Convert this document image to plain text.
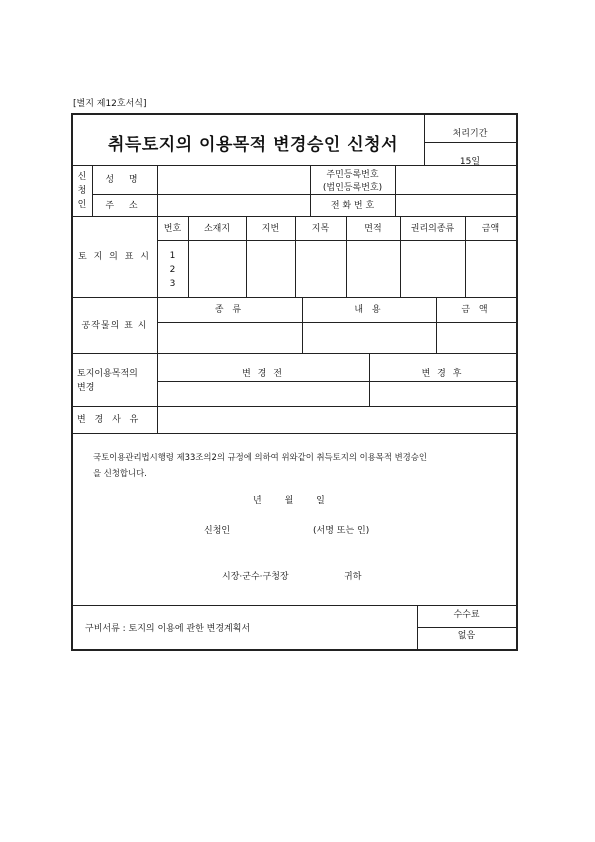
[별지 제12호서식]
취득토지의 이용목적 변경승인 신청서
처리기간
15일
신
청
인
성 명	주민등록번호
(법인등록번호)
주 소	전 화 번 호
토 지 의 표 시
번호	소재지	지번	지목	면적	권리의종류	금액
1
2
3
공작물의 표 시
종 류	내 용	금 액
토지이용목적의
변경
변 경 전	변 경 후
변 경 사 유
국토이용관리법시행령 제33조의2의 규정에 의하여 위와같이 취득토지의 이용목적 변경승인
을 신청합니다.
년        월        일
신청인	(서명 또는 인)
시장·군수·구청장	귀하
구비서류 : 토지의 이용에 관한 변경계획서
수수료
없음
